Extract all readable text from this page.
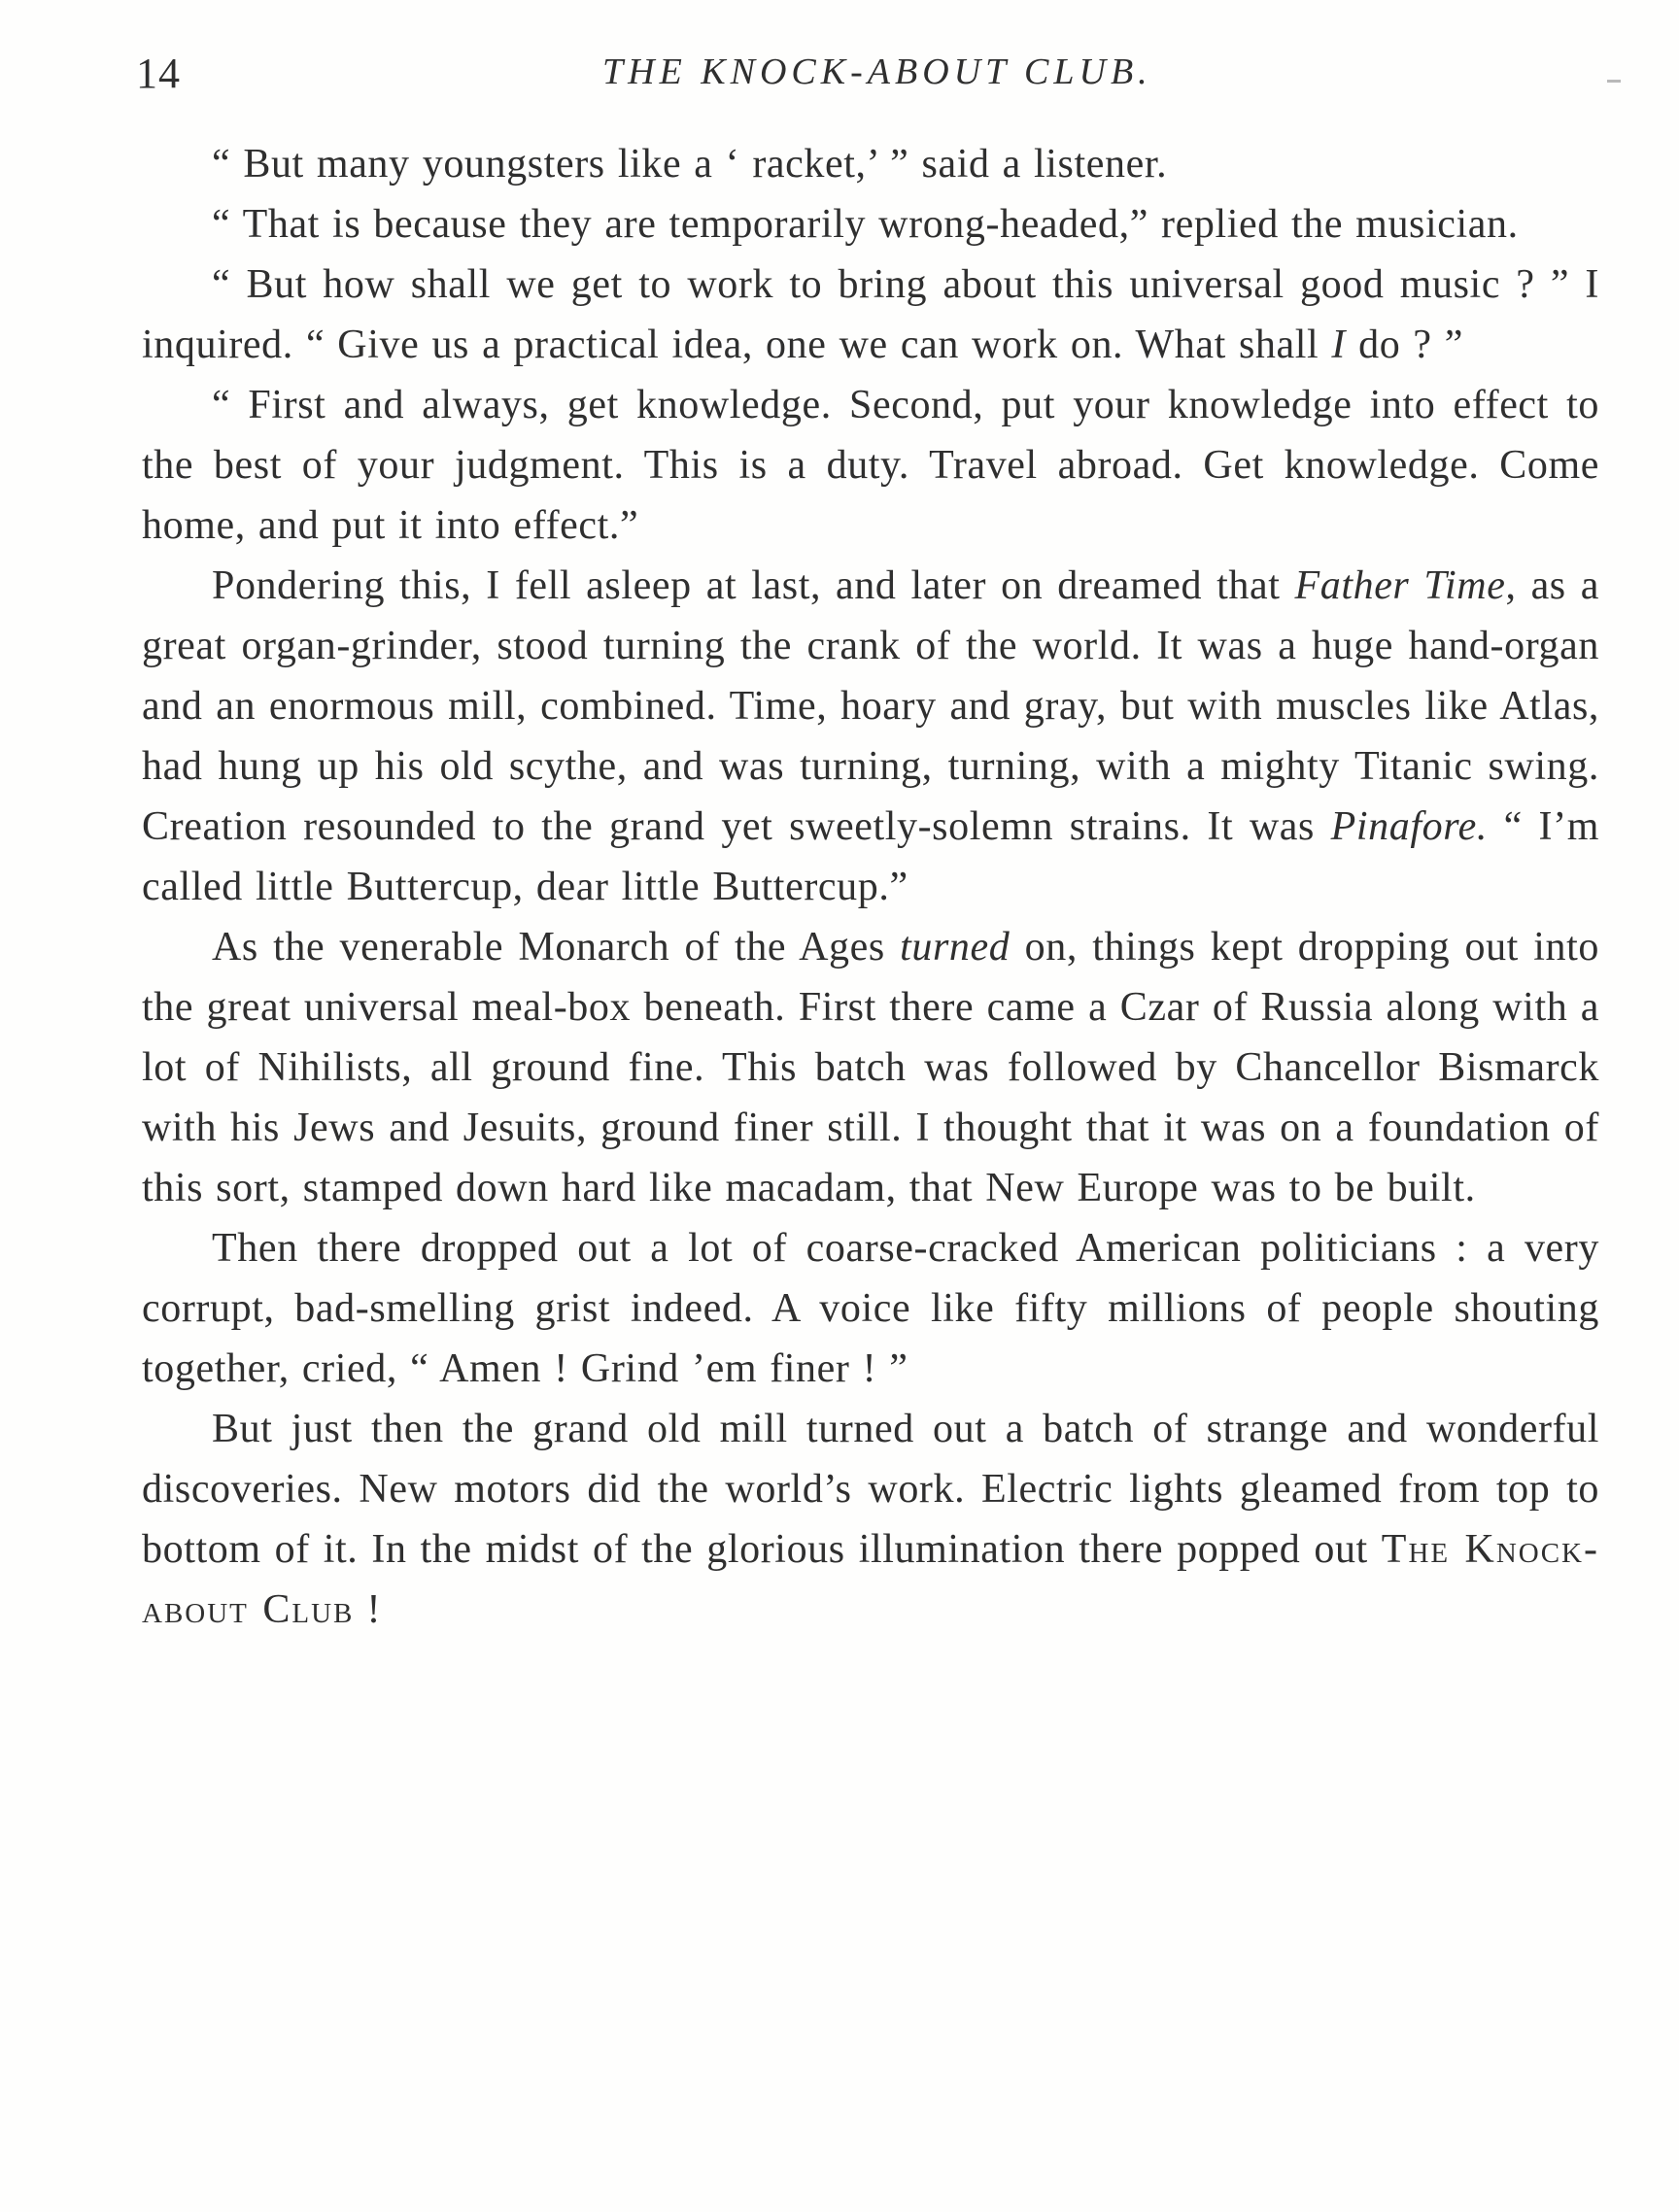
14	THE KNOCK-ABOUT CLUB.

“ But many youngsters like a ‘ racket,’ ” said a listener.

“ That is because they are temporarily wrong-headed,” replied the musician.

“ But how shall we get to work to bring about this universal good music ? ” I inquired. “ Give us a practical idea, one we can work on. What shall I do ? ”

“ First and always, get knowledge. Second, put your knowledge into effect to the best of your judgment. This is a duty. Travel abroad. Get knowledge. Come home, and put it into effect.”

Pondering this, I fell asleep at last, and later on dreamed that Father Time, as a great organ-grinder, stood turning the crank of the world. It was a huge hand-organ and an enormous mill, combined. Time, hoary and gray, but with muscles like Atlas, had hung up his old scythe, and was turning, turning, with a mighty Titanic swing. Creation resounded to the grand yet sweetly-solemn strains. It was Pinafore. “ I’m called little Buttercup, dear little Buttercup.”

As the venerable Monarch of the Ages turned on, things kept dropping out into the great universal meal-box beneath. First there came a Czar of Russia along with a lot of Nihilists, all ground fine. This batch was followed by Chancellor Bismarck with his Jews and Jesuits, ground finer still. I thought that it was on a foundation of this sort, stamped down hard like macadam, that New Europe was to be built.

Then there dropped out a lot of coarse-cracked American politicians : a very corrupt, bad-smelling grist indeed. A voice like fifty millions of people shouting together, cried, “ Amen ! Grind ’em finer ! ”

But just then the grand old mill turned out a batch of strange and wonderful discoveries. New motors did the world’s work. Electric lights gleamed from top to bottom of it. In the midst of the glorious illumination there popped out The Knock-about Club !
